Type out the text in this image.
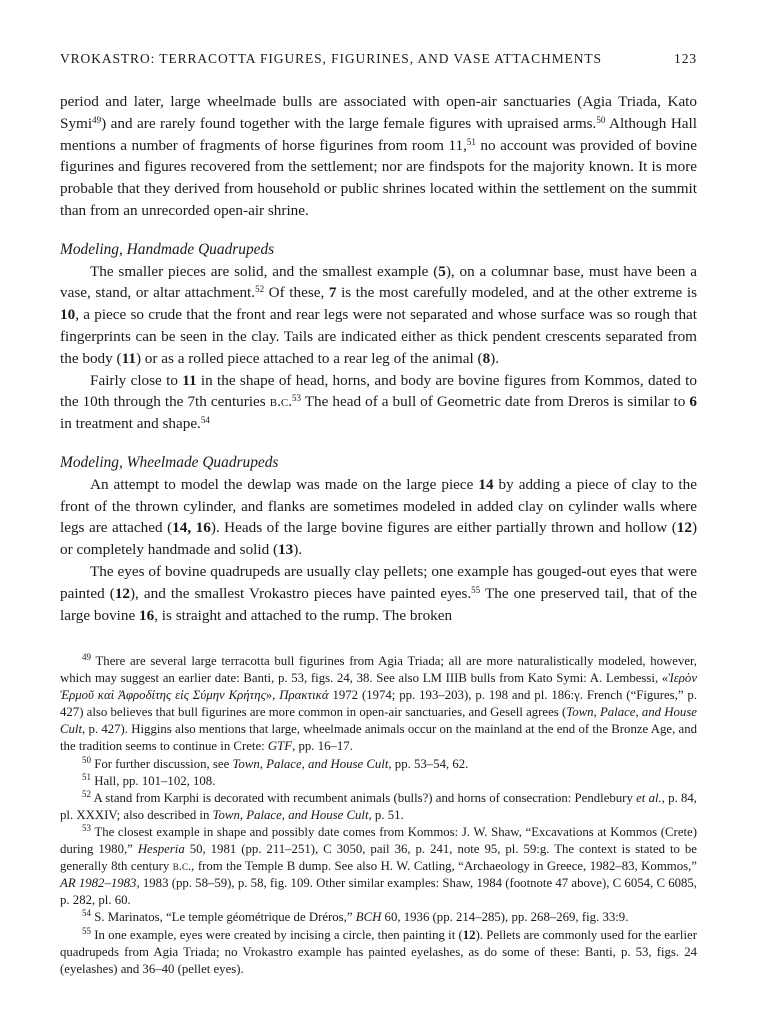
VROKASTRO: TERRACOTTA FIGURES, FIGURINES, AND VASE ATTACHMENTS	123

period and later, large wheelmade bulls are associated with open-air sanctuaries (Agia Triada, Kato Symi$^{49}$) and are rarely found together with the large female figures with upraised arms.$^{50}$ Although Hall mentions a number of fragments of horse figurines from room 11,51 no account was provided of bovine figurines and figures recovered from the settlement; nor are findspots for the majority known. It is more probable that they derived from household or public shrines located within the settlement on the summit than from an unrecorded open-air shrine.

Modeling, Handmade Quadrupeds

The smaller pieces are solid, and the smallest example (5), on a columnar base, must have been a vase, stand, or altar attachment.$^{52}$ Of these, 7 is the most carefully modeled, and at the other extreme is 10, a piece so crude that the front and rear legs were not separated and whose surface was so rough that fingerprints can be seen in the clay. Tails are indicated either as thick pendent crescents separated from the body (11) or as a rolled piece attached to a rear leg of the animal (8).

Fairly close to 11 in the shape of head, horns, and body are bovine figures from Kommos, dated to the 10th through the 7th centuries b.c.$^{53}$ The head of a bull of Geometric date from Dreros is similar to 6 in treatment and shape.$^{54}$

Modeling, Wheelmade Quadrupeds

An attempt to model the dewlap was made on the large piece 14 by adding a piece of clay to the front of the thrown cylinder, and flanks are sometimes modeled in added clay on cylinder walls where legs are attached (14, 16). Heads of the large bovine figures are either partially thrown and hollow (12) or completely handmade and solid (13).

The eyes of bovine quadrupeds are usually clay pellets; one example has gouged-out eyes that were painted (12), and the smallest Vrokastro pieces have painted eyes.$^{55}$ The one preserved tail, that of the large bovine 16, is straight and attached to the rump. The broken

$^{49}$ There are several large terracotta bull figurines from Agia Triada; all are more naturalistically modeled, however, which may suggest an earlier date: Banti, p. 53, figs. 24, 38. See also LM IIIB bulls from Kato Symi: A. Lembessi, «Ἱερὸν Ἑρμοῦ καὶ Ἀφροδίτης εἰς Σύμην Κρήτης», Πρακτικά 1972 (1974; pp. 193–203), p. 198 and pl. 186:γ. French (“Figures,” p. 427) also believes that bull figurines are more common in open-air sanctuaries, and Gesell agrees (Town, Palace, and House Cult, p. 427). Higgins also mentions that large, wheelmade animals occur on the mainland at the end of the Bronze Age, and the tradition seems to continue in Crete: GTF, pp. 16–17.

$^{50}$ For further discussion, see Town, Palace, and House Cult, pp. 53–54, 62.

$^{51}$ Hall, pp. 101–102, 108.

$^{52}$ A stand from Karphi is decorated with recumbent animals (bulls?) and horns of consecration: Pendlebury et al., p. 84, pl. XXXIV; also described in Town, Palace, and House Cult, p. 51.

$^{53}$ The closest example in shape and possibly date comes from Kommos: J. W. Shaw, “Excavations at Kommos (Crete) during 1980,” Hesperia 50, 1981 (pp. 211–251), C 3050, pail 36, p. 241, note 95, pl. 59:g. The context is stated to be generally 8th century b.c., from the Temple B dump. See also H. W. Catling, “Archaeology in Greece, 1982–83, Kommos,” AR 1982–1983, 1983 (pp. 58–59), p. 58, fig. 109. Other similar examples: Shaw, 1984 (footnote 47 above), C 6054, C 6085, p. 282, pl. 60.

$^{54}$ S. Marinatos, “Le temple géométrique de Dréros,” BCH 60, 1936 (pp. 214–285), pp. 268–269, fig. 33:9.

$^{55}$ In one example, eyes were created by incising a circle, then painting it (12). Pellets are commonly used for the earlier quadrupeds from Agia Triada; no Vrokastro example has painted eyelashes, as do some of these: Banti, p. 53, figs. 24 (eyelashes) and 36–40 (pellet eyes).
